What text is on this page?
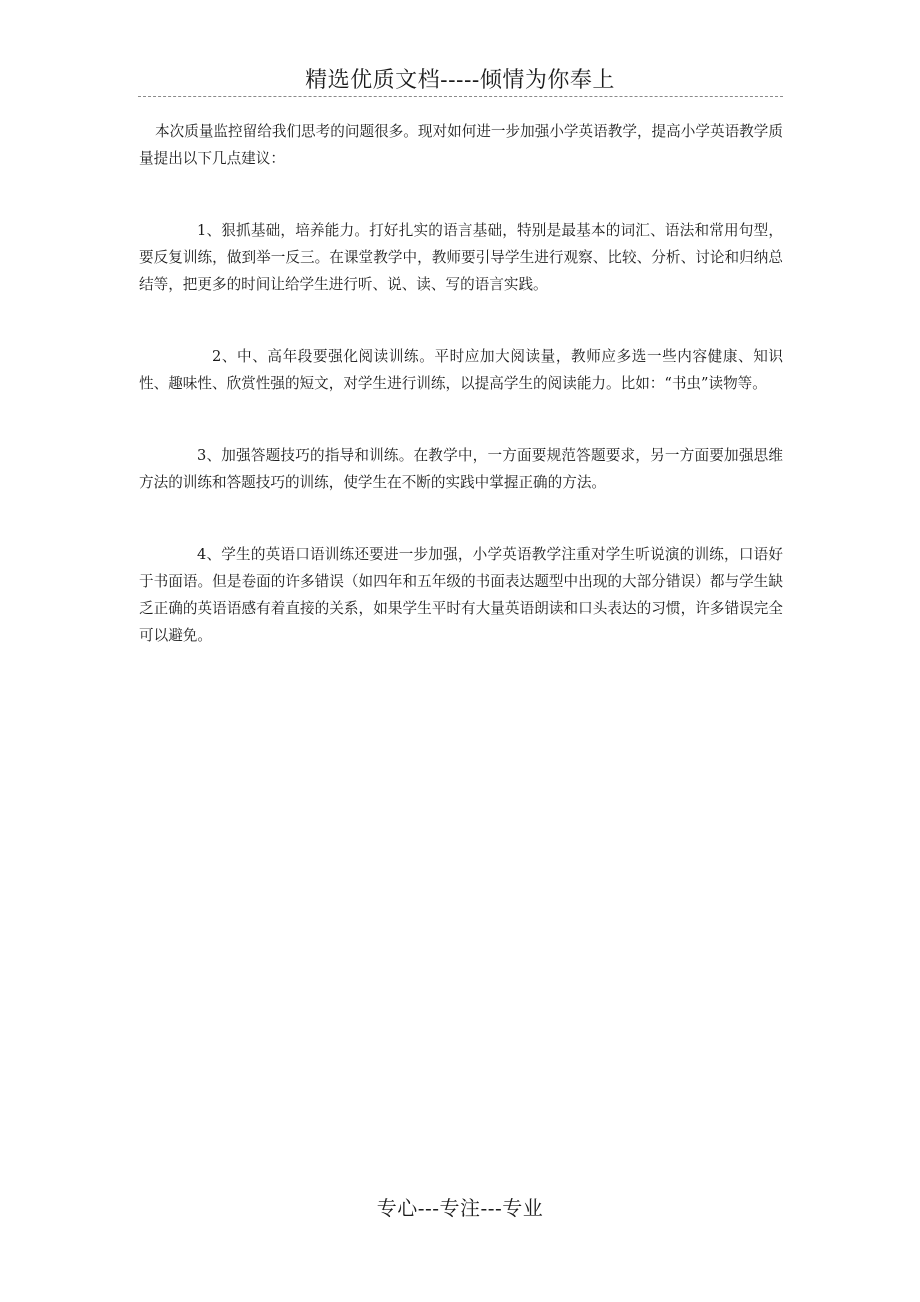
精选优质文档-----倾情为你奉上

本次质量监控留给我们思考的问题很多。现对如何进一步加强小学英语教学，提高小学英语教学质量提出以下几点建议：

1、狠抓基础，培养能力。打好扎实的语言基础，特别是最基本的词汇、语法和常用句型，要反复训练，做到举一反三。在课堂教学中，教师要引导学生进行观察、比较、分析、讨论和归纳总结等，把更多的时间让给学生进行听、说、读、写的语言实践。

2、中、高年段要强化阅读训练。平时应加大阅读量，教师应多选一些内容健康、知识性、趣味性、欣赏性强的短文，对学生进行训练，以提高学生的阅读能力。比如：“书虫”读物等。

3、加强答题技巧的指导和训练。在教学中，一方面要规范答题要求，另一方面要加强思维方法的训练和答题技巧的训练，使学生在不断的实践中掌握正确的方法。

4、学生的英语口语训练还要进一步加强，小学英语教学注重对学生听说演的训练，口语好于书面语。但是卷面的许多错误（如四年和五年级的书面表达题型中出现的大部分错误）都与学生缺乏正确的英语语感有着直接的关系，如果学生平时有大量英语朗读和口头表达的习惯，许多错误完全可以避免。

专心---专注---专业
